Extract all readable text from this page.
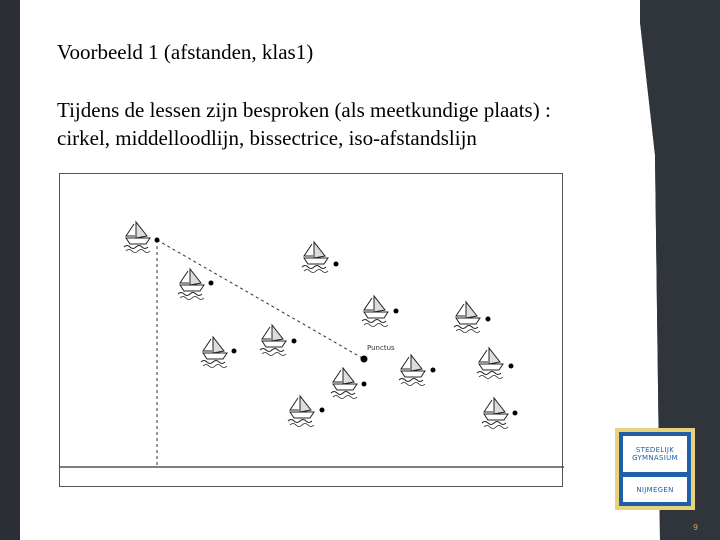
Voorbeeld 1 (afstanden, klas1)
Tijdens de lessen zijn besproken (als meetkundige plaats) :
cirkel, middelloodlijn, bissectrice, iso-afstandslijn
Punctus
STEDELIJK
GYMNASIUM
NIJMEGEN
9
